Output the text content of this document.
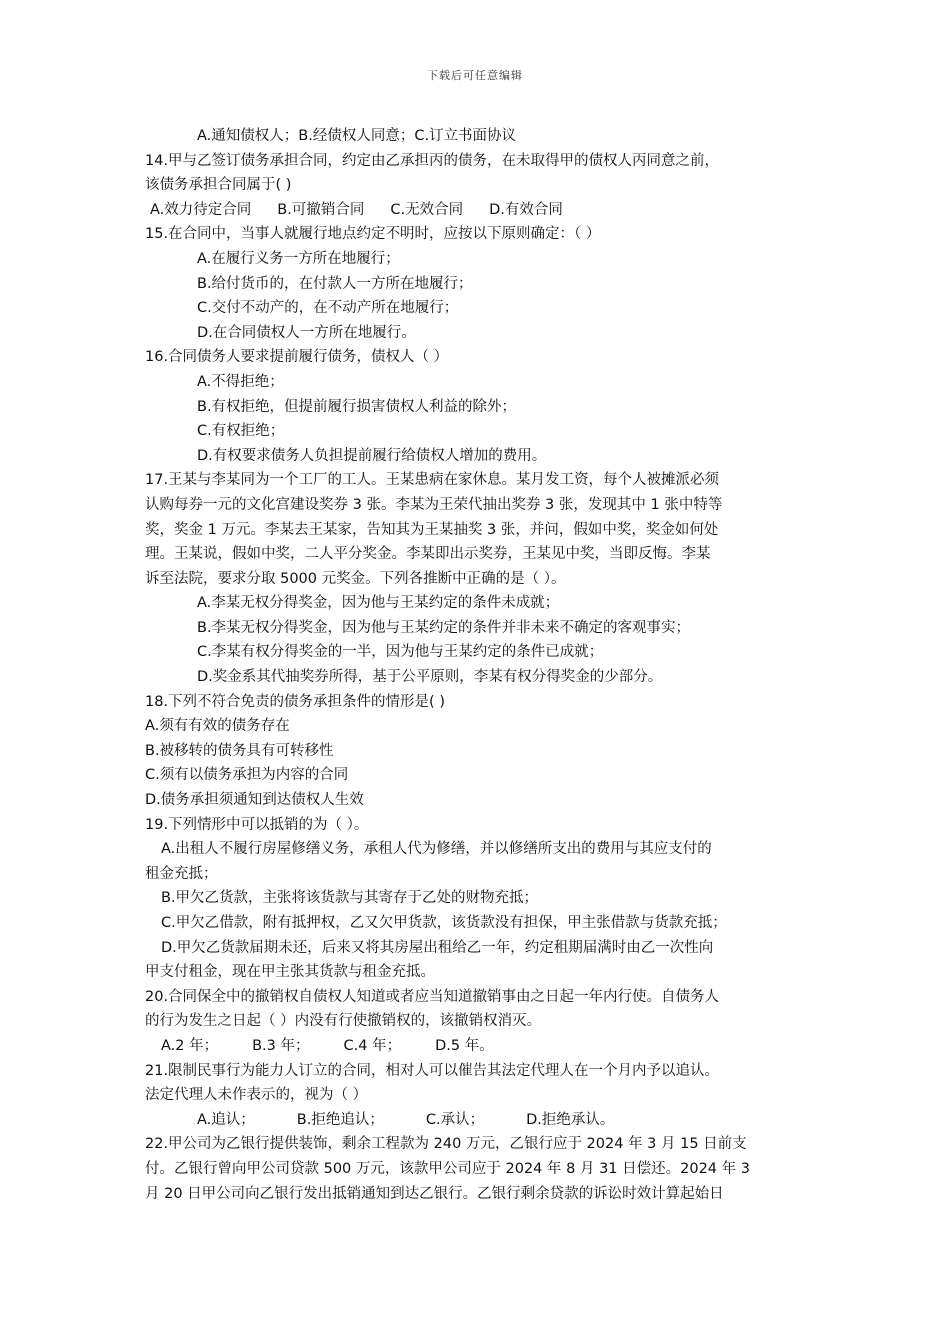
下载后可任意编辑
A.通知债权人；B.经债权人同意；C.订立书面协议
14.甲与乙签订债务承担合同，约定由乙承担丙的债务，在未取得甲的债权人丙同意之前，
该债务承担合同属于( )
A.效力待定合同 B.可撤销合同 C.无效合同 D.有效合同
15.在合同中，当事人就履行地点约定不明时，应按以下原则确定：（ ）
A.在履行义务一方所在地履行；
B.给付货币的，在付款人一方所在地履行；
C.交付不动产的，在不动产所在地履行；
D.在合同债权人一方所在地履行。
16.合同债务人要求提前履行债务，债权人（ ）
A.不得拒绝；
B.有权拒绝，但提前履行损害债权人利益的除外；
C.有权拒绝；
D.有权要求债务人负担提前履行给债权人增加的费用。
17.王某与李某同为一个工厂的工人。王某患病在家休息。某月发工资，每个人被摊派必须
认购每券一元的文化宫建设奖券 3 张。李某为王荣代抽出奖券 3 张，发现其中 1 张中特等
奖，奖金 1 万元。李某去王某家，告知其为王某抽奖 3 张，并问，假如中奖，奖金如何处
理。王某说，假如中奖，二人平分奖金。李某即出示奖券，王某见中奖，当即反悔。李某
诉至法院，要求分取 5000 元奖金。下列各推断中正确的是（ ）。
A.李某无权分得奖金，因为他与王某约定的条件未成就；
B.李某无权分得奖金，因为他与王某约定的条件并非未来不确定的客观事实；
C.李某有权分得奖金的一半，因为他与王某约定的条件已成就；
D.奖金系其代抽奖券所得，基于公平原则，李某有权分得奖金的少部分。
18.下列不符合免责的债务承担条件的情形是( )
A.须有有效的债务存在
B.被移转的债务具有可转移性
C.须有以债务承担为内容的合同
D.债务承担须通知到达债权人生效
19.下列情形中可以抵销的为（ ）。
A.出租人不履行房屋修缮义务，承租人代为修缮，并以修缮所支出的费用与其应支付的
租金充抵；
B.甲欠乙货款，主张将该货款与其寄存于乙处的财物充抵；
C.甲欠乙借款，附有抵押权，乙又欠甲货款，该货款没有担保，甲主张借款与货款充抵；
D.甲欠乙货款届期未还，后来又将其房屋出租给乙一年，约定租期届满时由乙一次性向
甲支付租金，现在甲主张其货款与租金充抵。
20.合同保全中的撤销权自债权人知道或者应当知道撤销事由之日起一年内行使。自债务人
的行为发生之日起（ ）内没有行使撤销权的，该撤销权消灭。
A.2 年； B.3 年； C.4 年； D.5 年。
21.限制民事行为能力人订立的合同，相对人可以催告其法定代理人在一个月内予以追认。
法定代理人未作表示的，视为（ ）
A.追认；	B.拒绝追认；	C.承认；	D.拒绝承认。
22.甲公司为乙银行提供装饰，剩余工程款为 240 万元，乙银行应于 2024 年 3 月 15 日前支
付。乙银行曾向甲公司贷款 500 万元，该款甲公司应于 2024 年 8 月 31 日偿还。2024 年 3
月 20 日甲公司向乙银行发出抵销通知到达乙银行。乙银行剩余贷款的诉讼时效计算起始日
